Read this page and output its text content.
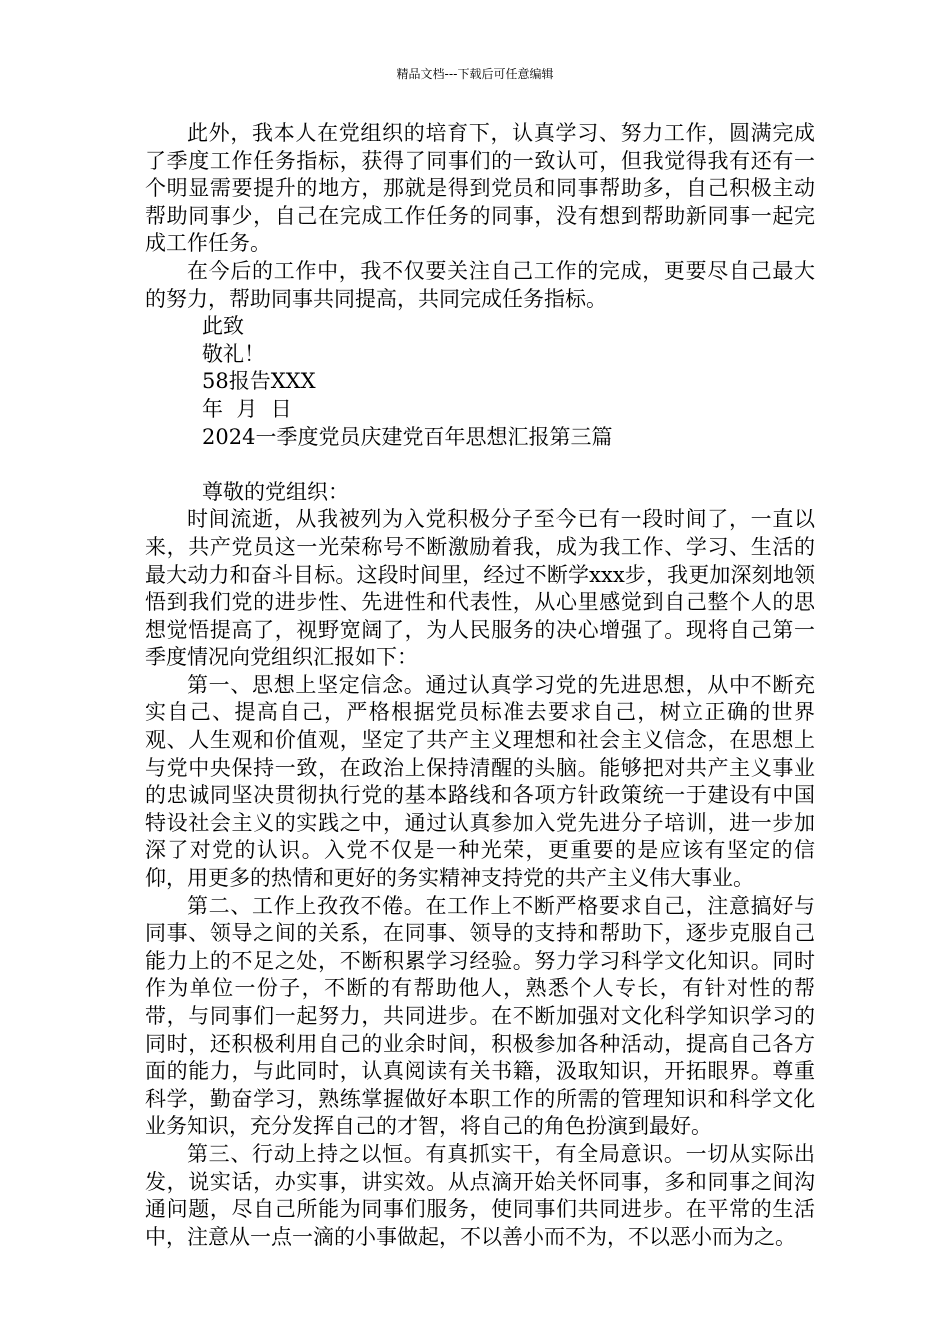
精品文档---下载后可任意编辑

此外，我本人在党组织的培育下，认真学习、努力工作，圆满完成了季度工作任务指标，获得了同事们的一致认可，但我觉得我有还有一个明显需要提升的地方，那就是得到党员和同事帮助多，自己积极主动帮助同事少，自己在完成工作任务的同事，没有想到帮助新同事一起完成工作任务。

在今后的工作中，我不仅要关注自己工作的完成，更要尽自己最大的努力，帮助同事共同提高，共同完成任务指标。

此致

敬礼！

58报告XXX

年  月  日

2024一季度党员庆建党百年思想汇报第三篇

尊敬的党组织：

时间流逝，从我被列为入党积极分子至今已有一段时间了，一直以来，共产党员这一光荣称号不断激励着我，成为我工作、学习、生活的最大动力和奋斗目标。这段时间里，经过不断学xxx步，我更加深刻地领悟到我们党的进步性、先进性和代表性，从心里感觉到自己整个人的思想觉悟提高了，视野宽阔了，为人民服务的决心增强了。现将自己第一季度情况向党组织汇报如下：

第一、思想上坚定信念。通过认真学习党的先进思想，从中不断充实自己、提高自己，严格根据党员标准去要求自己，树立正确的世界观、人生观和价值观，坚定了共产主义理想和社会主义信念，在思想上与党中央保持一致，在政治上保持清醒的头脑。能够把对共产主义事业的忠诚同坚决贯彻执行党的基本路线和各项方针政策统一于建设有中国特设社会主义的实践之中，通过认真参加入党先进分子培训，进一步加深了对党的认识。入党不仅是一种光荣，更重要的是应该有坚定的信仰，用更多的热情和更好的务实精神支持党的共产主义伟大事业。

第二、工作上孜孜不倦。在工作上不断严格要求自己，注意搞好与同事、领导之间的关系，在同事、领导的支持和帮助下，逐步克服自己能力上的不足之处，不断积累学习经验。努力学习科学文化知识。同时作为单位一份子，不断的有帮助他人，熟悉个人专长，有针对性的帮带，与同事们一起努力，共同进步。在不断加强对文化科学知识学习的同时，还积极利用自己的业余时间，积极参加各种活动，提高自己各方面的能力，与此同时，认真阅读有关书籍，汲取知识，开拓眼界。尊重科学，勤奋学习，熟练掌握做好本职工作的所需的管理知识和科学文化业务知识，充分发挥自己的才智，将自己的角色扮演到最好。

第三、行动上持之以恒。有真抓实干，有全局意识。一切从实际出发，说实话，办实事，讲实效。从点滴开始关怀同事，多和同事之间沟通问题，尽自己所能为同事们服务，使同事们共同进步。在平常的生活中，注意从一点一滴的小事做起，不以善小而不为，不以恶小而为之。
